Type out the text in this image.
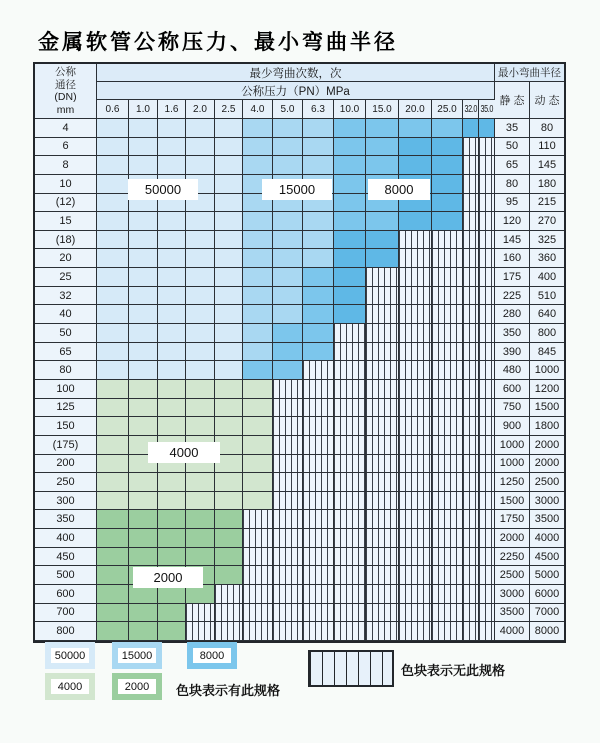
金属软管公称压力、最小弯曲半径
公称
通径
(DN)
mm
最少弯曲次数，次
公称压力（PN）MPa
0.6 1.0 1.6 2.0 2.5 4.0 5.0 6.3 10.0 15.0 20.0 25.0 32.0 35.0
最小弯曲半径
静 态 动 态
4	35	80
6	50	110
8	65	145
10	80	180
(12)	95	215
15	120	270
(18)	145	325
20	160	360
25	175	400
32	225	510
40	280	640
50	350	800
65	390	845
80	480	1000
100	600	1200
125	750	1500
150	900	1800
(175)	1000 2000
200	1000 2000
250	1250 2500
300	1500 3000
350	1750 3500
400	2000 4000
450	2250 4500
500	2500 5000
600	3000 6000
700	3500 7000
800	4000 8000
50000	15000	8000
4000
2000
色块表示有此规格
色块表示无此规格
50000	15000	8000
4000	2000
